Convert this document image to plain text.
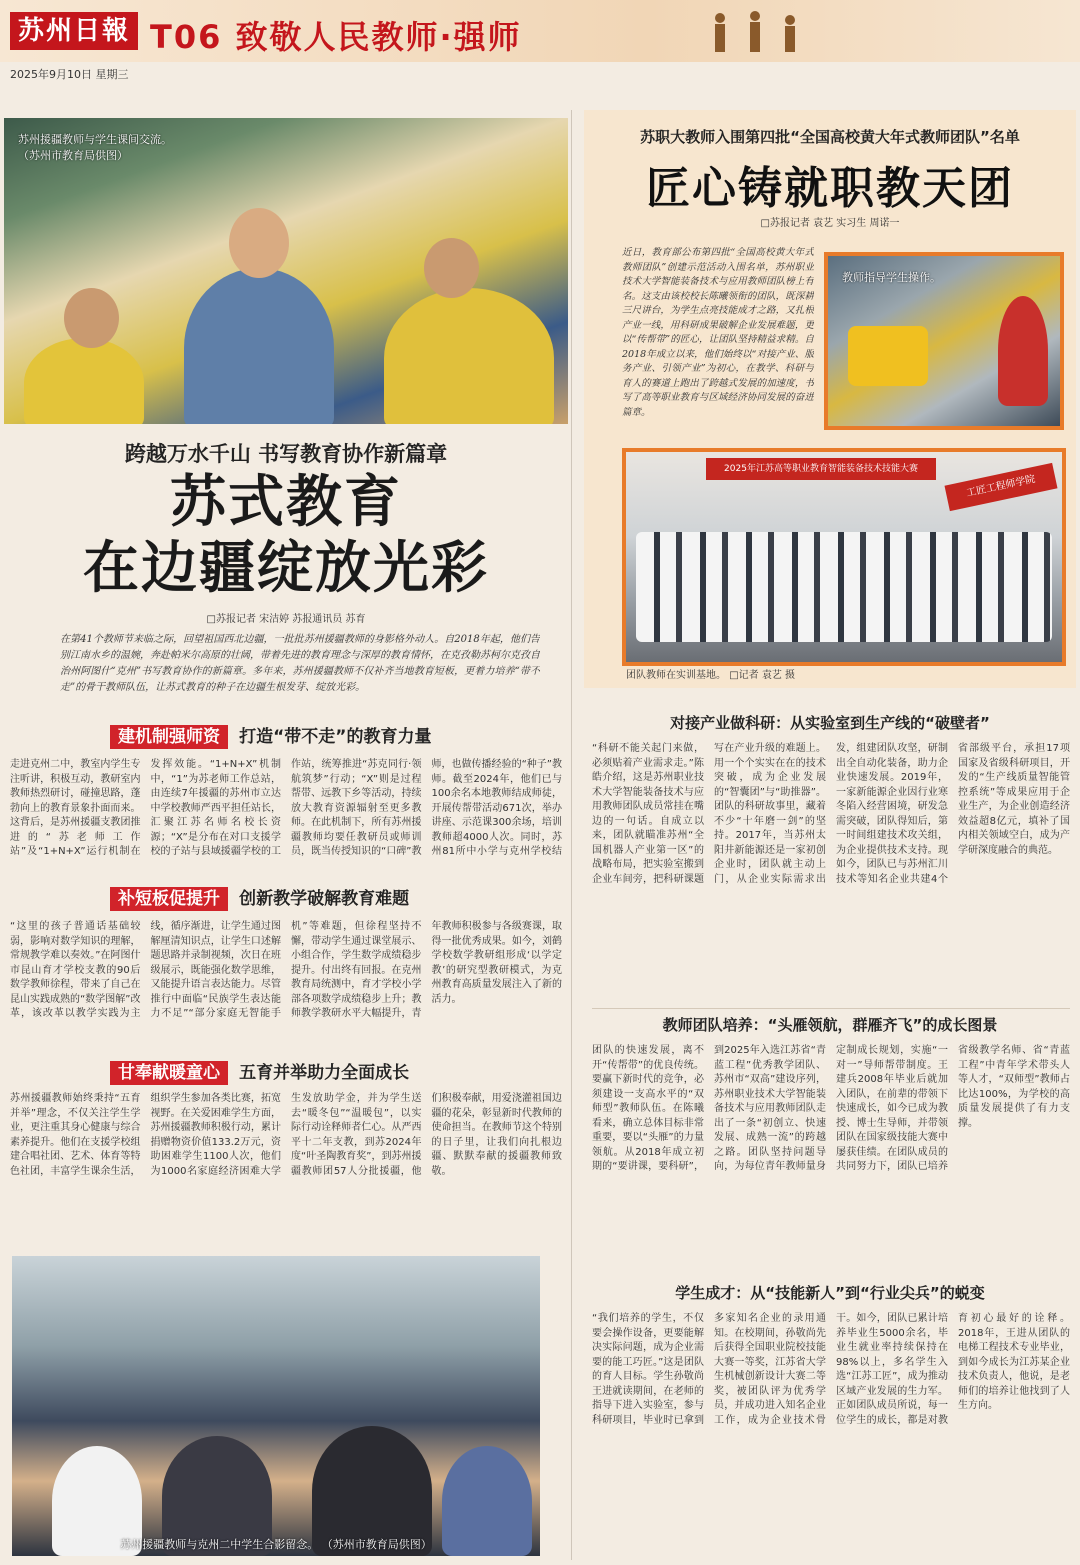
苏州日報 T06 致敬人民教师·强师
2025年9月10日 星期三
苏州援疆教师与学生课间交流。
（苏州市教育局供图）
跨越万水千山 书写教育协作新篇章
苏式教育
在边疆绽放光彩
□苏报记者 宋洁婷 苏报通讯员 苏育
在第41个教师节来临之际，回望祖国西北边疆，一批批苏州援疆教师的身影格外动人。自2018年起，他们告别江南水乡的温婉，奔赴帕米尔高原的壮阔，带着先进的教育理念与深厚的教育情怀，在克孜勒苏柯尔克孜自治州阿图什“克州”书写教育协作的新篇章。多年来，苏州援疆教师不仅补齐当地教育短板，更着力培养“带不走”的骨干教师队伍，让苏式教育的种子在边疆生根发芽、绽放光彩。
建机制强师资 打造“带不走”的教育力量
走进克州二中，教室内学生专注听讲，积极互动，教研室内教师热烈研讨，碰撞思路，蓬勃向上的教育景象扑面而来。这背后，是苏州援疆支教团推进的“苏老师工作站”及“1+N+X”运行机制在发挥效能。“1+N+X”机制中，“1”为苏老师工作总站，由连续7年援疆的苏州市立达中学校教师严西平担任站长，汇聚江苏名师名校长资源；“X”是分布在对口支援学校的子站与县域援疆学校的工作站，统筹推进“苏克同行·领航筑梦”行动；“X”则是过程帮带、远教下乡等活动，持续放大教育资源辐射至更多教师。在此机制下，所有苏州援疆教师均要任教研员或师训员，既当传授知识的“口碑”教师，也做传播经验的“种子”教师。截至2024年，他们已与100余名本地教师结成师徒，开展传帮带活动671次，举办讲座、示范课300余场，培训教师超4000人次。同时，苏州81所中小学与克州学校结
补短板促提升 创新教学破解教育难题
“这里的孩子普通话基础较弱，影响对数学知识的理解，常规教学难以奏效。”在阿图什市昆山育才学校支教的90后数学教师徐程，带来了自己在昆山实践成熟的“数学图解”改革，该改革以教学实践为主线，循序渐进，让学生通过图解厘清知识点，让学生口述解题思路并录制视频，次日在班级展示，既能强化数学思维，又能提升语言表达能力。尽管推行中面临“民族学生表达能力不足”“部分家庭无智能手机”等难题，但徐程坚持不懈，带动学生通过课堂展示、小组合作，学生数学成绩稳步提升。付出终有回报。在克州教育局统测中，育才学校小学部各项数学成绩稳步上升；教师教学教研水平大幅提升，青年教师积极参与各级赛课，取得一批优秀成果。如今，刘鹤学校数学教研组形成‘以学定教’的研究型教研模式，为克州教育高质量发展注入了新的活力。
甘奉献暖童心 五育并举助力全面成长
苏州援疆教师始终秉持“五育并举”理念，不仅关注学生学业，更注重其身心健康与综合素养提升。他们在支援学校组建合唱社团、艺术、体育等特色社团，丰富学生课余生活，组织学生参加各类比赛，拓宽视野。在关爱困难学生方面，苏州援疆教师积极行动，累计捐赠物资价值133.2万元，资助困难学生1100人次，他们为1000名家庭经济困难大学生发放助学金，并为学生送去“暖冬包”“温暖包”，以实际行动诠释师者仁心。从严西平十二年支教，到苏2024年度“叶圣陶教育奖”，到苏州援疆教师团57人分批援疆，他们积极奉献，用爱浇灌祖国边疆的花朵，彰显新时代教师的使命担当。在教师节这个特别的日子里，让我们向扎根边疆、默默奉献的援疆教师致敬。
苏州援疆教师与克州二中学生合影留念。 （苏州市教育局供图）
苏职大教师入围第四批“全国高校黄大年式教师团队”名单
匠心铸就职教天团
□苏报记者 袁艺 实习生 周诺一
近日，教育部公布第四批“全国高校黄大年式教师团队”创建示范活动入围名单，苏州职业技术大学智能装备技术与应用教师团队榜上有名。这支由该校校长陈曦领衔的团队，既深耕三尺讲台，为学生点亮技能成才之路，又扎根产业一线，用科研成果破解企业发展难题，更以“传帮带”的匠心，让团队坚持精益求精。自2018年成立以来，他们始终以“对接产业、服务产业、引领产业”为初心，在教学、科研与育人的赛道上跑出了跨越式发展的加速度，书写了高等职业教育与区域经济协同发展的奋进篇章。
教师指导学生操作。
2025年江苏高等职业教育智能装备技术技能大赛
工匠工程师学院
团队教师在实训基地。 □记者 袁艺 摄
对接产业做科研：从实验室到生产线的“破壁者”
“科研不能关起门来做，必须贴着产业需求走。”陈皓介绍，这是苏州职业技术大学智能装备技术与应用教师团队成员常挂在嘴边的一句话。自成立以来，团队就瞄准苏州“全国机器人产业第一区”的战略布局，把实验室搬到企业车间旁，把科研课题写在产业升级的难题上。用一个个实实在在的技术突破，成为企业发展的“智囊团”与“助推器”。团队的科研故事里，藏着不少“十年磨一剑”的坚持。2017年，当苏州太阳井新能源还是一家初创企业时，团队就主动上门，从企业实际需求出发，组建团队攻坚，研制出全自动化装备，助力企业快速发展。2019年，一家新能源企业因行业寒冬陷入经营困境，研发急需突破，团队得知后，第一时间组建技术攻关组，为企业提供技术支持。现如今，团队已与苏州汇川技术等知名企业共建4个省部级平台，承担17项国家及省级科研项目，开发的“生产线质量智能管控系统”等成果应用于企业生产，为企业创造经济效益超8亿元，填补了国内相关领域空白，成为产学研深度融合的典范。
教师团队培养：“头雁领航，群雁齐飞”的成长图景
团队的快速发展，离不开“传帮带”的优良传统。要赢下新时代的竞争，必须建设一支高水平的“双师型”教师队伍。在陈曦看来，确立总体目标非常重要，要以“头雁”的力量领航。从2018年成立初期的“要讲课，要科研”，到2025年入选江苏省“青蓝工程”优秀教学团队、苏州市“双高”建设序列，苏州职业技术大学智能装备技术与应用教师团队走出了一条“初创立、快速发展、成熟一流”的跨越之路。团队坚持问题导向，为每位青年教师量身定制成长规划，实施“一对一”导师帮带制度。王建兵2008年毕业后就加入团队，在前辈的带领下快速成长，如今已成为教授、博士生导师，并带领团队在国家级技能大赛中屡获佳绩。在团队成员的共同努力下，团队已培养省级教学名师、省“青蓝工程”中青年学术带头人等人才，“双师型”教师占比达100%，为学校的高质量发展提供了有力支撑。
学生成才：从“技能新人”到“行业尖兵”的蜕变
“我们培养的学生，不仅要会操作设备，更要能解决实际问题，成为企业需要的能工巧匠。”这是团队的育人目标。学生孙敬尚王进就读期间，在老师的指导下进入实验室，参与科研项目，毕业时已拿到多家知名企业的录用通知。在校期间，孙敬尚先后获得全国职业院校技能大赛一等奖，江苏省大学生机械创新设计大赛二等奖，被团队评为优秀学员，并成功进入知名企业工作，成为企业技术骨干。如今，团队已累计培养毕业生5000余名，毕业生就业率持续保持在98%以上，多名学生入选“江苏工匠”，成为推动区域产业发展的生力军。正如团队成员所说，每一位学生的成长，都是对教育初心最好的诠释。2018年，王进从团队的电梯工程技术专业毕业，到如今成长为江苏某企业技术负责人，他说，是老师们的培养让他找到了人生方向。
